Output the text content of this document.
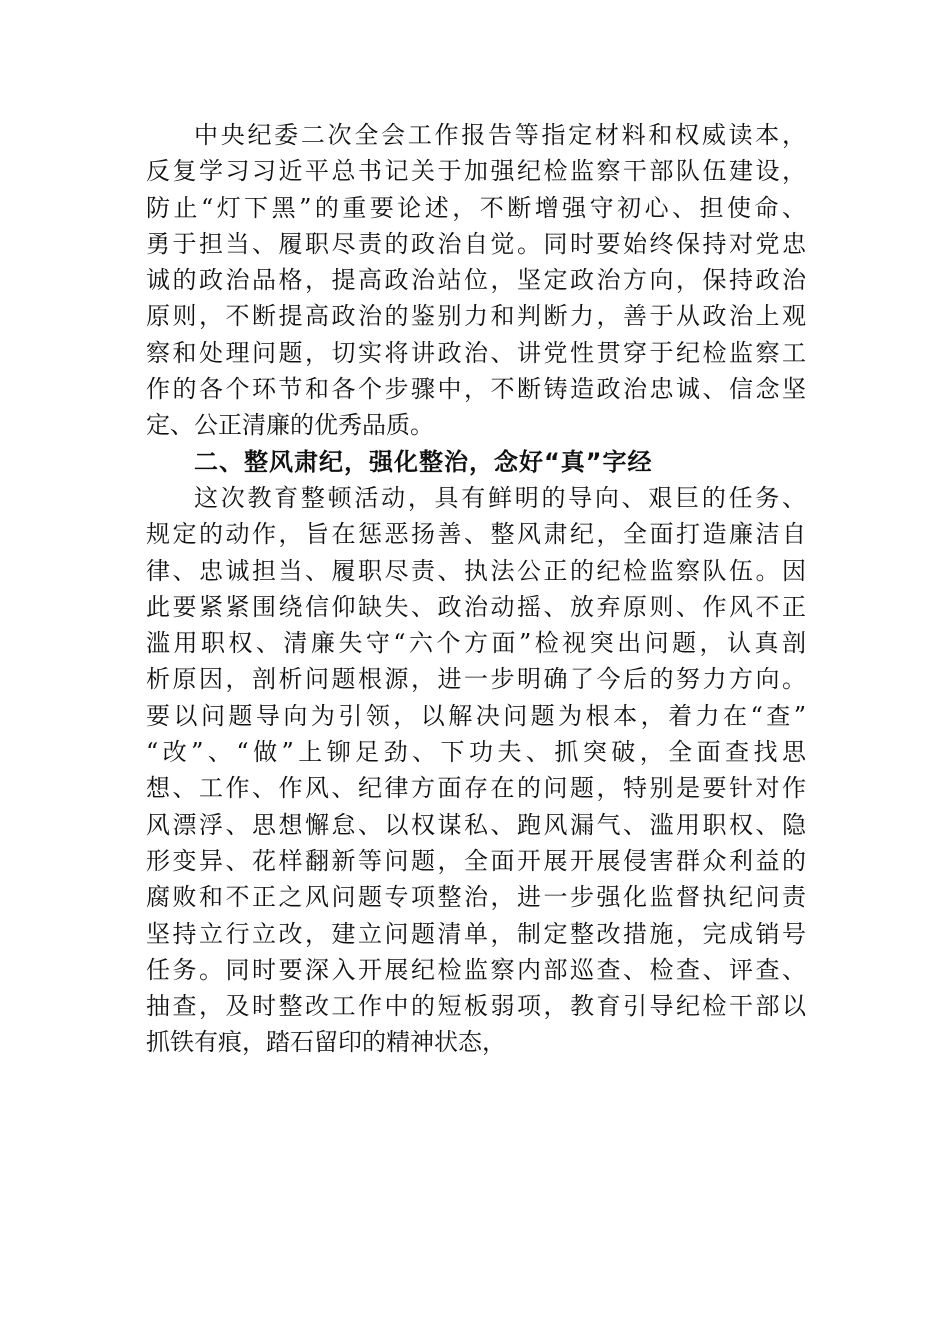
中央纪委二次全会工作报告等指定材料和权威读本，
反复学习习近平总书记关于加强纪检监察干部队伍建设，
防止“灯下黑”的重要论述，不断增强守初心、担使命、
勇于担当、履职尽责的政治自觉。同时要始终保持对党忠
诚的政治品格，提高政治站位，坚定政治方向，保持政治
原则，不断提高政治的鉴别力和判断力，善于从政治上观
察和处理问题，切实将讲政治、讲党性贯穿于纪检监察工
作的各个环节和各个步骤中，不断铸造政治忠诚、信念坚
定、公正清廉的优秀品质。
二、整风肃纪，强化整治，念好“真”字经
这次教育整顿活动，具有鲜明的导向、艰巨的任务、
规定的动作，旨在惩恶扬善、整风肃纪，全面打造廉洁自
律、忠诚担当、履职尽责、执法公正的纪检监察队伍。因
此要紧紧围绕信仰缺失、政治动摇、放弃原则、作风不正
滥用职权、清廉失守“六个方面”检视突出问题，认真剖
析原因，剖析问题根源，进一步明确了今后的努力方向。
要以问题导向为引领，以解决问题为根本，着力在“查”
“改”、“做”上铆足劲、下功夫、抓突破，全面查找思
想、工作、作风、纪律方面存在的问题，特别是要针对作
风漂浮、思想懈怠、以权谋私、跑风漏气、滥用职权、隐
形变异、花样翻新等问题，全面开展开展侵害群众利益的
腐败和不正之风问题专项整治，进一步强化监督执纪问责
坚持立行立改，建立问题清单，制定整改措施，完成销号
任务。同时要深入开展纪检监察内部巡查、检查、评查、
抽查，及时整改工作中的短板弱项，教育引导纪检干部以
抓铁有痕，踏石留印的精神状态，
